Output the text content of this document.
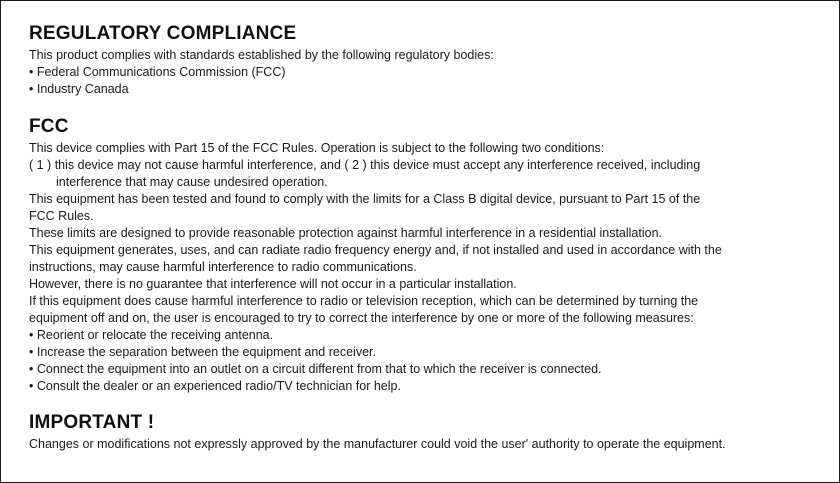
REGULATORY COMPLIANCE

This product complies with standards established by the following regulatory bodies:

• Federal Communications Commission (FCC)

• Industry Canada

FCC

This device complies with Part 15 of the FCC Rules. Operation is subject to the following two conditions:

( 1 ) this device may not cause harmful interference, and ( 2 ) this device must accept any interference received, including

interference that may cause undesired operation.

This equipment has been tested and found to comply with the limits for a Class B digital device, pursuant to Part 15 of the

FCC Rules.

These limits are designed to provide reasonable protection against harmful interference in a residential installation.

This equipment generates, uses, and can radiate radio frequency energy and, if not installed and used in accordance with the

instructions, may cause harmful interference to radio communications.

However, there is no guarantee that interference will not occur in a particular installation.

If this equipment does cause harmful interference to radio or television reception, which can be determined by turning the

equipment off and on, the user is encouraged to try to correct the interference by one or more of the following measures:

• Reorient or relocate the receiving antenna.

• Increase the separation between the equipment and receiver.

• Connect the equipment into an outlet on a circuit different from that to which the receiver is connected.

• Consult the dealer or an experienced radio/TV technician for help.

IMPORTANT !

Changes or modifications not expressly approved by the manufacturer could void the user' authority to operate the equipment.
